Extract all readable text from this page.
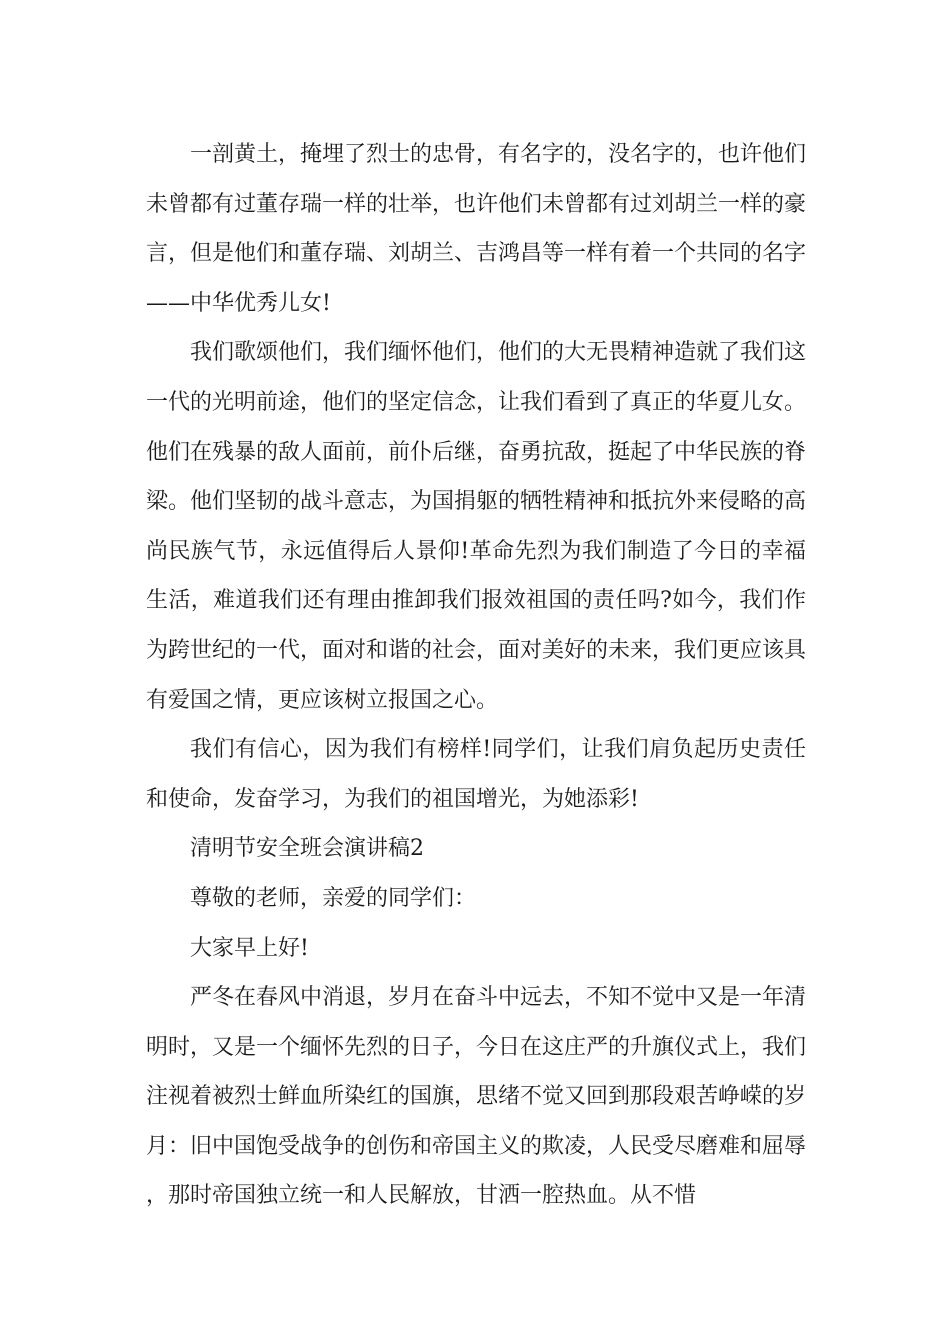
一剖黄土，掩埋了烈士的忠骨，有名字的，没名字的，也许他们未曾都有过董存瑞一样的壮举，也许他们未曾都有过刘胡兰一样的豪言，但是他们和董存瑞、刘胡兰、吉鸿昌等一样有着一个共同的名字——中华优秀儿女!

我们歌颂他们，我们缅怀他们，他们的大无畏精神造就了我们这一代的光明前途，他们的坚定信念，让我们看到了真正的华夏儿女。他们在残暴的敌人面前，前仆后继，奋勇抗敌，挺起了中华民族的脊梁。他们坚韧的战斗意志，为国捐躯的牺牲精神和抵抗外来侵略的高尚民族气节，永远值得后人景仰!革命先烈为我们制造了今日的幸福生活，难道我们还有理由推卸我们报效祖国的责任吗?如今，我们作为跨世纪的一代，面对和谐的社会，面对美好的未来，我们更应该具有爱国之情，更应该树立报国之心。

我们有信心，因为我们有榜样!同学们，让我们肩负起历史责任和使命，发奋学习，为我们的祖国增光，为她添彩!

清明节安全班会演讲稿2

尊敬的老师，亲爱的同学们：

大家早上好!

严冬在春风中消退，岁月在奋斗中远去，不知不觉中又是一年清明时，又是一个缅怀先烈的日子，今日在这庄严的升旗仪式上，我们注视着被烈士鲜血所染红的国旗，思绪不觉又回到那段艰苦峥嵘的岁月：旧中国饱受战争的创伤和帝国主义的欺凌，人民受尽磨难和屈辱，那时帝国独立统一和人民解放，甘洒一腔热血。从不惜
